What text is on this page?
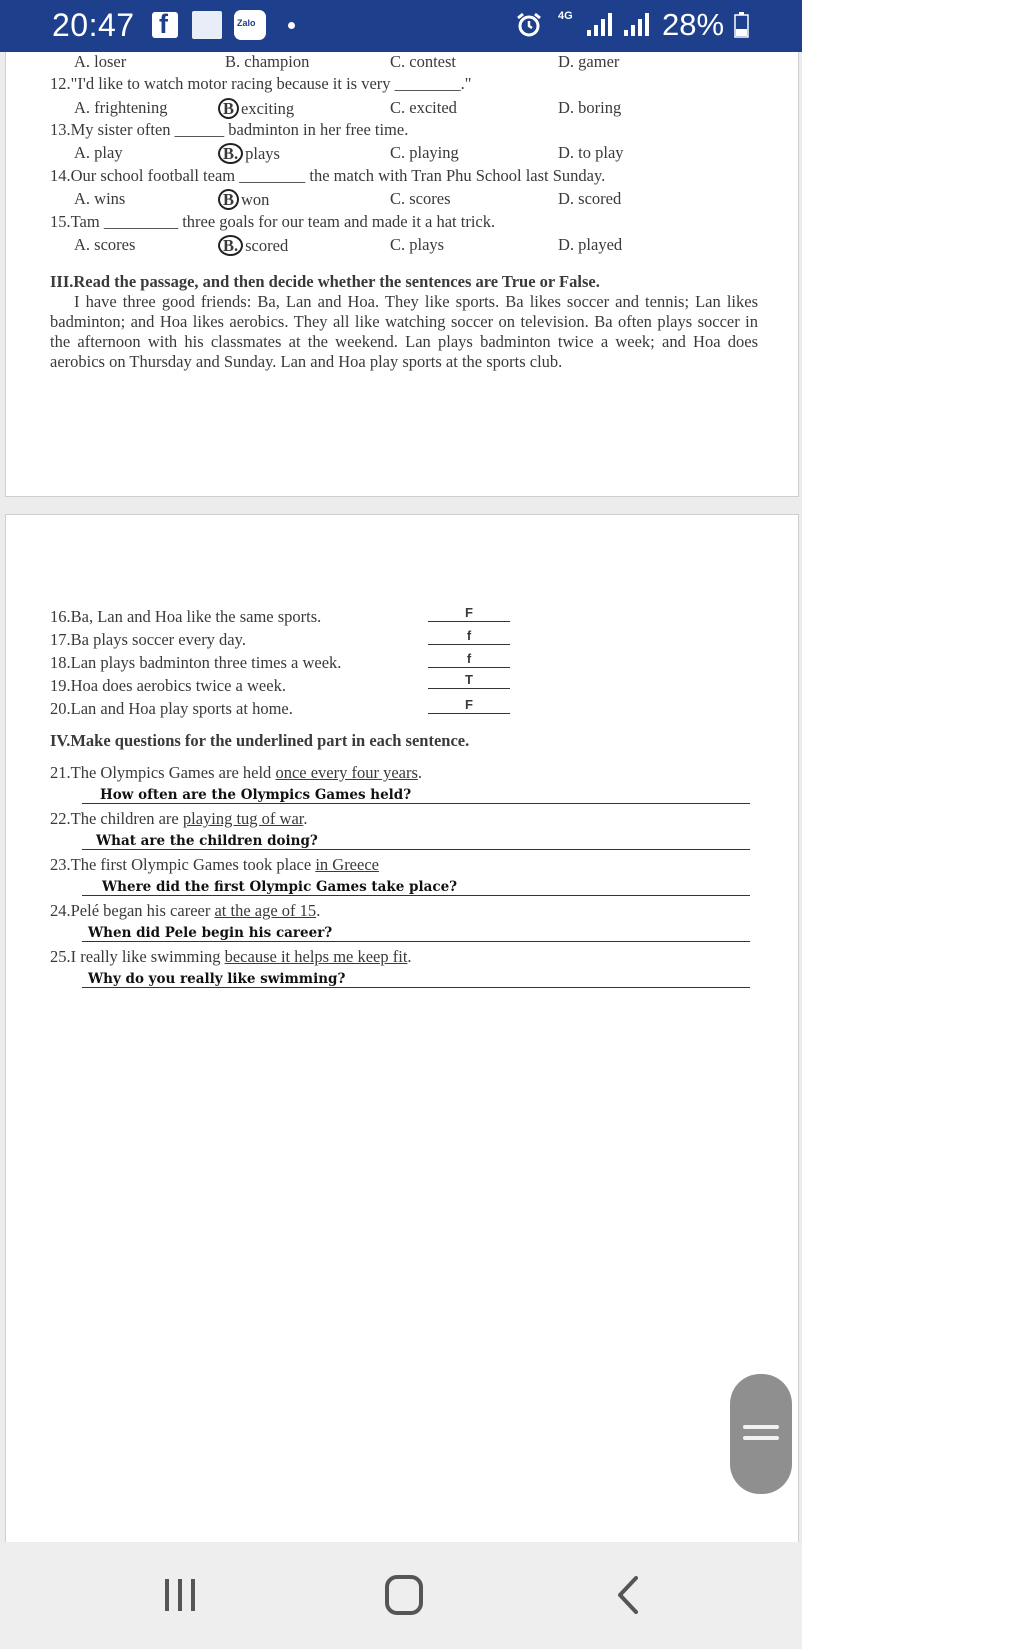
20:47 f	Zalo
4G	28%
A. loser	B. champion	C. contest	D. gamer
12."I'd like to watch motor racing because it is very ________."
A. frightening	B exciting	C. excited	D. boring
13.My sister often ______ badminton in her free time.
A. play	B. plays	C. playing	D. to play
14.Our school football team ________ the match with Tran Phu School last Sunday.
A. wins	B won	C. scores	D. scored
15.Tam _________ three goals for our team and made it a hat trick.
A. scores	B. scored	C. plays	D. played
III.Read the passage, and then decide whether the sentences are True or False.
I have three good friends: Ba, Lan and Hoa. They like sports. Ba likes soccer and tennis; Lan likes badminton; and Hoa likes aerobics. They all like watching soccer on television. Ba often plays soccer in the afternoon with his classmates at the weekend. Lan plays badminton twice a week; and Hoa does aerobics on Thursday and Sunday. Lan and Hoa play sports at the sports club.
16.Ba, Lan and Hoa like the same sports.	F
17.Ba plays soccer every day.	f
18.Lan plays badminton three times a week.	f
19.Hoa does aerobics twice a week.	T
20.Lan and Hoa play sports at home.	F
IV.Make questions for the underlined part in each sentence.
21.The Olympics Games are held once every four years.
How often are the Olympics Games held?
22.The children are playing tug of war.
What are the children doing?
23.The first Olympic Games took place in Greece
Where did the first Olympic Games take place?
24.Pelé began his career at the age of 15.
When did Pele begin his career?
25.I really like swimming because it helps me keep fit.
Why do you really like swimming?
